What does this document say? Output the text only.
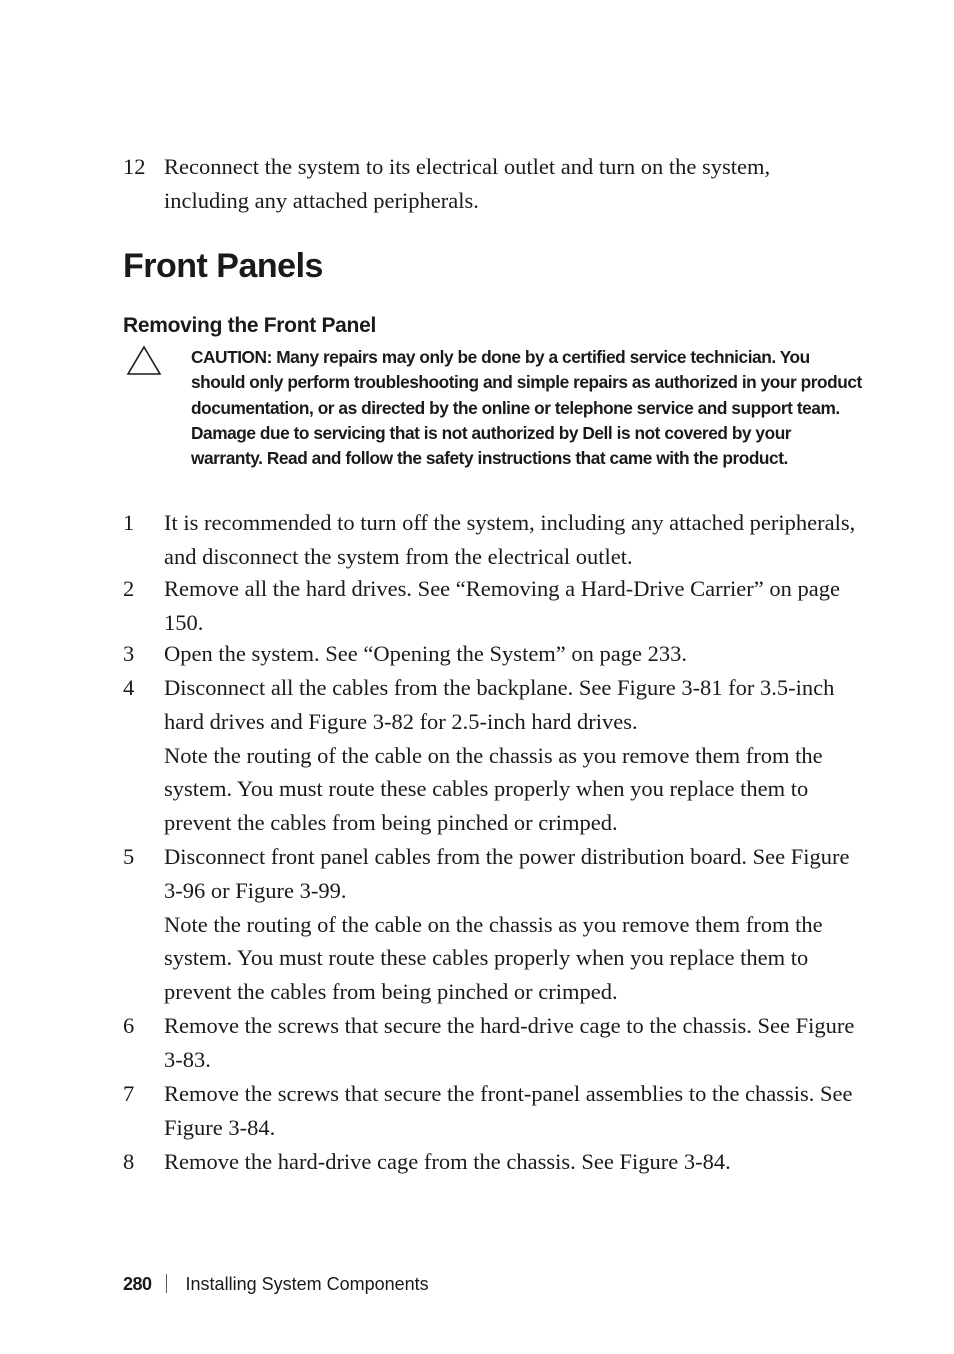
12 Reconnect the system to its electrical outlet and turn on the system, including any attached peripherals.

Front Panels
Removing the Front Panel

CAUTION: Many repairs may only be done by a certified service technician. You should only perform troubleshooting and simple repairs as authorized in your product documentation, or as directed by the online or telephone service and support team. Damage due to servicing that is not authorized by Dell is not covered by your warranty. Read and follow the safety instructions that came with the product.

1 It is recommended to turn off the system, including any attached peripherals, and disconnect the system from the electrical outlet.

2 Remove all the hard drives. See “Removing a Hard-Drive Carrier” on page 150.

3 Open the system. See “Opening the System” on page 233.

4 Disconnect all the cables from the backplane. See Figure 3-81 for 3.5-inch hard drives and Figure 3-82 for 2.5-inch hard drives.

Note the routing of the cable on the chassis as you remove them from the system. You must route these cables properly when you replace them to prevent the cables from being pinched or crimped.

5 Disconnect front panel cables from the power distribution board. See Figure 3-96 or Figure 3-99.

Note the routing of the cable on the chassis as you remove them from the system. You must route these cables properly when you replace them to prevent the cables from being pinched or crimped.

6 Remove the screws that secure the hard-drive cage to the chassis. See Figure 3-83.

7 Remove the screws that secure the front-panel assemblies to the chassis. See Figure 3-84.

8 Remove the hard-drive cage from the chassis. See Figure 3-84.

280 Installing System Components
